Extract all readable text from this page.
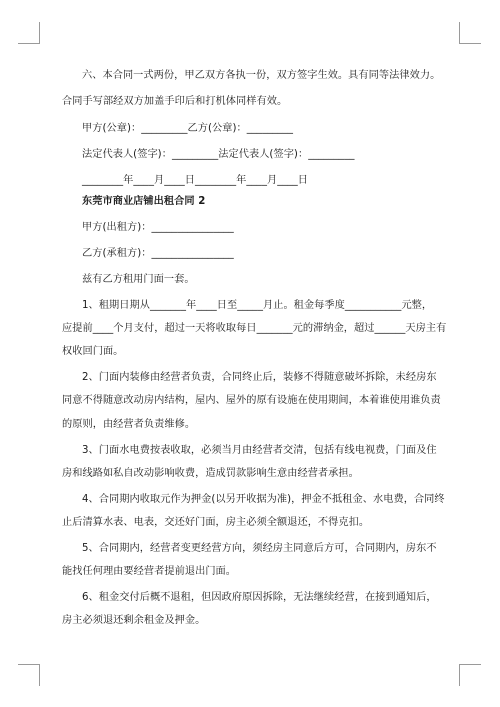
六、本合同一式两份，甲乙双方各执一份，双方签字生效。具有同等法律效力。
合同手写部经双方加盖手印后和打机体同样有效。
甲方(公章)：_________乙方(公章)：_________
法定代表人(签字)：_________法定代表人(签字)：_________
________年____月____日________年____月____日
东莞市商业店铺出租合同 2
甲方(出租方)：________________
乙方(承租方)：________________
兹有乙方租用门面一套。
1、租期日期从_______年____日至_____月止。租金每季度___________元整，
应提前____个月支付，超过一天将收取每日_______元的滞纳金，超过______天房主有
权收回门面。
2、门面内装修由经营者负责，合同终止后，装修不得随意破坏拆除，未经房东
同意不得随意改动房内结构，屋内、屋外的原有设施在使用期间，本着谁使用谁负责
的原则，由经营者负责维修。
3、门面水电费按表收取，必须当月由经营者交清，包括有线电视费，门面及住
房和线路如私自改动影响收费，造成罚款影响生意由经营者承担。
4、合同期内收取元作为押金(以另开收据为准)，押金不抵租金、水电费，合同终
止后清算水表、电表，交还好门面，房主必须全额退还，不得克扣。
5、合同期内，经营者变更经营方向，须经房主同意后方可，合同期内，房东不
能找任何理由要经营者提前退出门面。
6、租金交付后概不退租，但因政府原因拆除，无法继续经营，在接到通知后，
房主必须退还剩余租金及押金。
